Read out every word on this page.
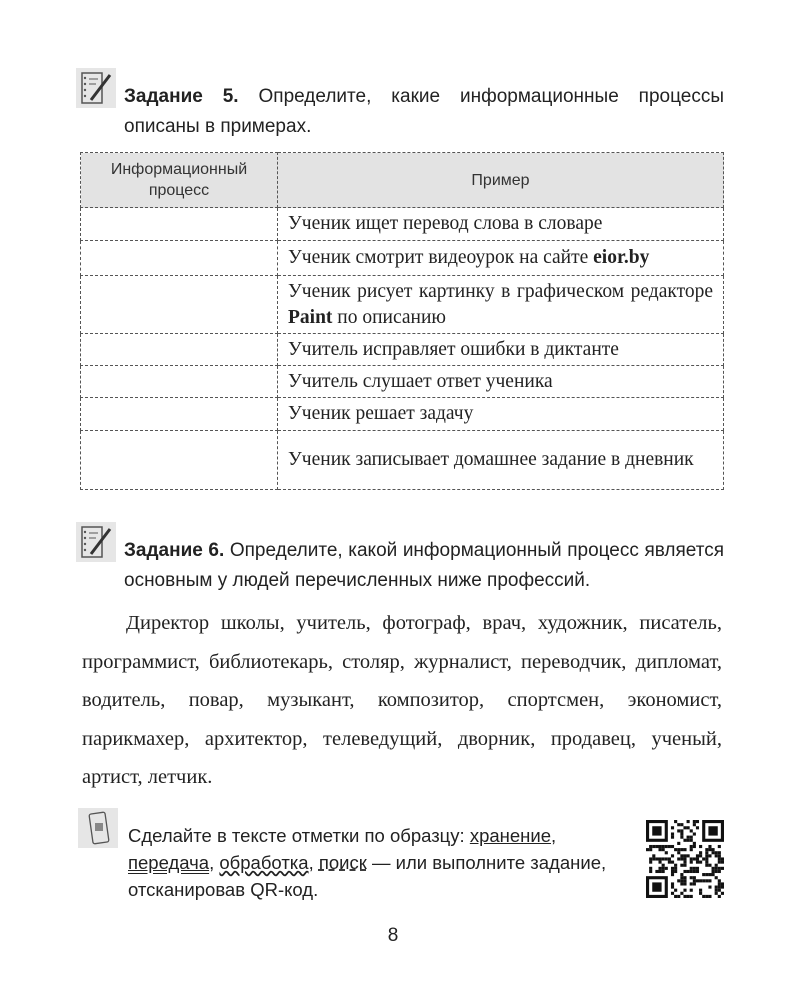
Задание 5. Определите, какие информационные процессы описаны в примерах.
Информационный процесс	Пример
	Ученик ищет перевод слова в словаре
	Ученик смотрит видеоурок на сайте eior.by
	Ученик рисует картинку в графическом редакторе Paint по описанию
	Учитель исправляет ошибки в диктанте
	Учитель слушает ответ ученика
	Ученик решает задачу
	Ученик записывает домашнее задание в дневник
Задание 6. Определите, какой информационный процесс является основным у людей перечисленных ниже профессий.
Директор школы, учитель, фотограф, врач, художник, писатель, программист, библиотекарь, столяр, журналист, переводчик, дипломат, водитель, повар, музыкант, композитор, спортсмен, экономист, парикмахер, архитектор, телеведущий, дворник, продавец, ученый, артист, летчик.
Сделайте в тексте отметки по образцу: хранение, передача, обработка, поиск — или выполните задание, отсканировав QR-код.
8
